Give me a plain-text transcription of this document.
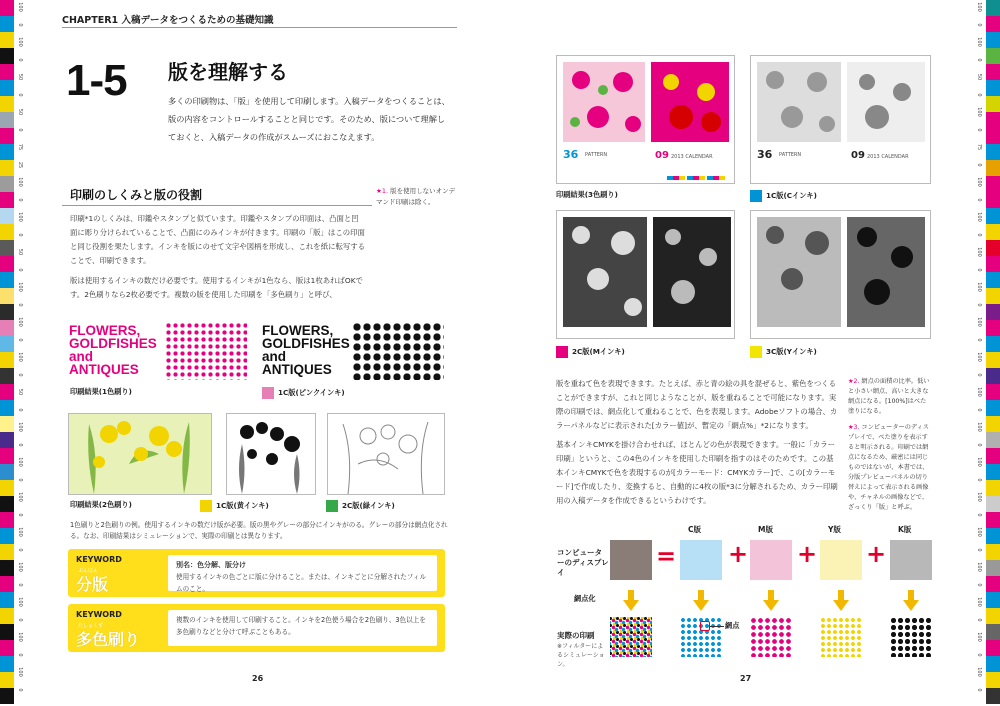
100
0
100
0
50
0
50
0
75
25
100
0
100
0
50
0
100
0
100
0
100
0
50
0
100
0
100
0
100
0
100
0
100
0
100
0
100
0
100
0
100
0
100
0
50
0
100
0
75
0
100
0
100
0
100
0
100
0
100
0
100
0
100
0
100
0
100
0
100
0
100
0
100
0
100
0
100
0
100
0
CHAPTER1 入稿データをつくるための基礎知識
1-5 版を理解する
多くの印刷物は、「版」を使用して印刷します。入稿データをつくることは、版の内容をコントロールすることと同じです。そのため、版について理解しておくと、入稿データの作成がスムーズにおこなえます。
印刷のしくみと版の役割	★1. 版を使用しないオンデマンド印刷は除く。
印刷*1のしくみは、印鑑やスタンプと似ています。印鑑やスタンプの印面は、凸面と凹面に彫り分けられていることで、凸面にのみインキが付きます。印刷の「版」はこの印面と同じ役割を果たします。インキを版にのせて文字や図柄を形成し、これを紙に転写することで、印刷できます。
版は使用するインキの数だけ必要です。使用するインキが1色なら、版は1枚あればOKです。2色刷りなら2枚必要です。複数の版を使用した印刷を「多色刷り」と呼び、
FLOWERS,
GOLDFISHES
and
ANTIQUES
FLOWERS,
GOLDFISHES
and
ANTIQUES
印刷結果(1色刷り)	1C版(ピンクインキ)
印刷結果(2色刷り)	1C版(黄インキ)	2C版(緑インキ)
1色刷りと2色刷りの例。使用するインキの数だけ版が必要。版の黒やグレーの部分にインキがのる。グレーの部分は網点化される。なお、印刷結果はシミュレーションで、実際の印刷とは異なります。
KEYWORD
ぶんばん
分版
別名：色分解、版分け
使用するインキの色ごとに版に分けること。または、インキごとに分解されたフィルムのこと。
KEYWORD
たしょくず
多色刷り
複数のインキを使用して印刷すること。インキを2色使う場合を2色刷り、3色以上を多色刷りなどと分けて呼ぶこともある。
26
36 PATTERN	09 2013 CALENDAR	36 PATTERN	09 2013 CALENDAR
印刷結果(3色刷り)	1C版(Cインキ)
2C版(Mインキ)	3C版(Yインキ)
版を重ねて色を表現できます。たとえば、赤と青の絵の具を混ぜると、紫色をつくることができますが、これと同じようなことが、版を重ねることで可能になります。実際の印刷では、網点化して重ねることで、色を表現します。Adobeソフトの場合、カラーパネルなどに表示された[カラー値]が、暫定の「網点%」*2になります。
基本インキCMYKを掛け合わせれば、ほとんどの色が表現できます。一般に「カラー印刷」というと、この4色のインキを使用した印刷を指すのはそのためです。この基本インキCMYKで色を表現するのが[カラーモード：CMYKカラー]で、この[カラーモード]で作成したり、変換すると、自動的に4枚の版*3に分解されるため、カラー印刷用の入稿データを作成できるというわけです。
★2. 網点の面積の比率。低いと小さい網点、高いと大きな網点になる。[100%]はべた塗りになる。
★3. コンピューターのディスプレイで、べた塗りを表示すると明示される。印刷では網点になるため、厳密には同じものではないが、本書では、分版プレビューパネルの切り替えによって表示される画像や、チャネルの画像などで、ざっくり「版」と呼ぶ。
コンピューターのディスプレイ
=
C版
+
M版
+
Y版
+
K版
網点化
実際の印刷
※フィルターによるシミュレーション。
網点
27
